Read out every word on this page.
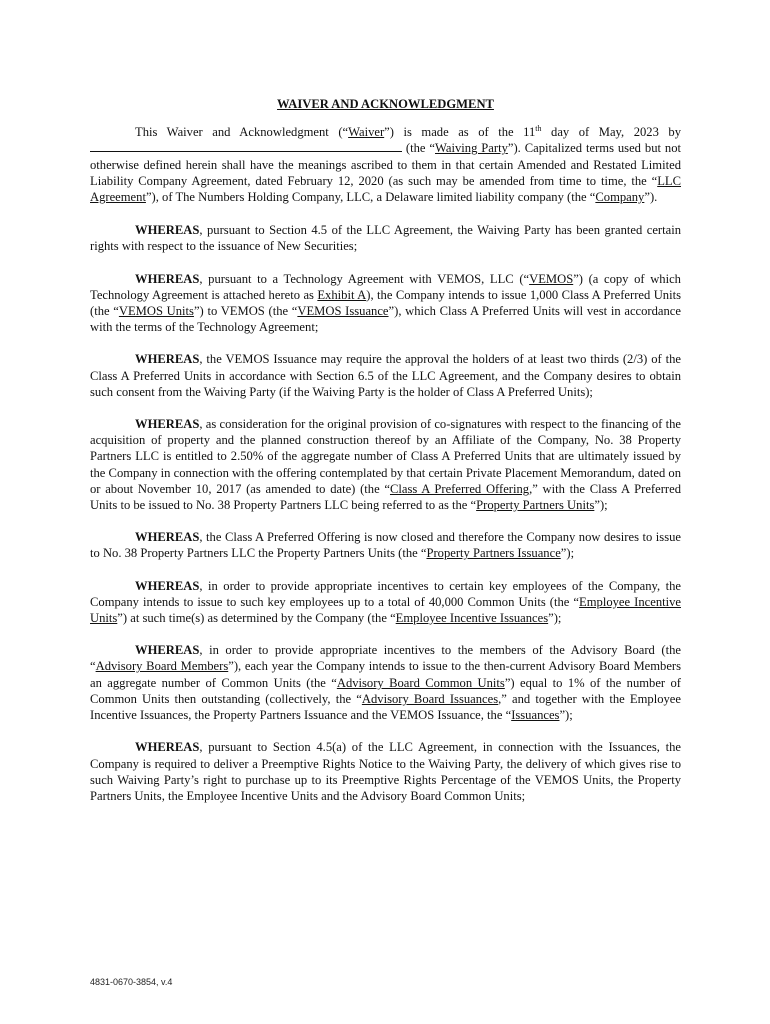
WAIVER AND ACKNOWLEDGMENT

This Waiver and Acknowledgment (“Waiver”) is made as of the 11th day of May, 2023 by  (the “Waiving Party”). Capitalized terms used but not otherwise defined herein shall have the meanings ascribed to them in that certain Amended and Restated Limited Liability Company Agreement, dated February 12, 2020 (as such may be amended from time to time, the “LLC Agreement”), of The Numbers Holding Company, LLC, a Delaware limited liability company (the “Company”).

WHEREAS, pursuant to Section 4.5 of the LLC Agreement, the Waiving Party has been granted certain rights with respect to the issuance of New Securities;

WHEREAS, pursuant to a Technology Agreement with VEMOS, LLC (“VEMOS”) (a copy of which Technology Agreement is attached hereto as Exhibit A), the Company intends to issue 1,000 Class A Preferred Units (the “VEMOS Units”) to VEMOS (the “VEMOS Issuance”), which Class A Preferred Units will vest in accordance with the terms of the Technology Agreement;

WHEREAS, the VEMOS Issuance may require the approval the holders of at least two thirds (2/3) of the Class A Preferred Units in accordance with Section 6.5 of the LLC Agreement, and the Company desires to obtain such consent from the Waiving Party (if the Waiving Party is the holder of Class A Preferred Units);

WHEREAS, as consideration for the original provision of co-signatures with respect to the financing of the acquisition of property and the planned construction thereof by an Affiliate of the Company, No. 38 Property Partners LLC is entitled to 2.50% of the aggregate number of Class A Preferred Units that are ultimately issued by the Company in connection with the offering contemplated by that certain Private Placement Memorandum, dated on or about November 10, 2017 (as amended to date) (the “Class A Preferred Offering,” with the Class A Preferred Units to be issued to No. 38 Property Partners LLC being referred to as the “Property Partners Units”);

WHEREAS, the Class A Preferred Offering is now closed and therefore the Company now desires to issue to No. 38 Property Partners LLC the Property Partners Units (the “Property Partners Issuance”);

WHEREAS, in order to provide appropriate incentives to certain key employees of the Company, the Company intends to issue to such key employees up to a total of 40,000 Common Units (the “Employee Incentive Units”) at such time(s) as determined by the Company (the “Employee Incentive Issuances”);

WHEREAS, in order to provide appropriate incentives to the members of the Advisory Board (the “Advisory Board Members”), each year the Company intends to issue to the then-current Advisory Board Members an aggregate number of Common Units (the “Advisory Board Common Units”) equal to 1% of the number of Common Units then outstanding (collectively, the “Advisory Board Issuances,” and together with the Employee Incentive Issuances, the Property Partners Issuance and the VEMOS Issuance, the “Issuances”);

WHEREAS, pursuant to Section 4.5(a) of the LLC Agreement, in connection with the Issuances, the Company is required to deliver a Preemptive Rights Notice to the Waiving Party, the delivery of which gives rise to such Waiving Party’s right to purchase up to its Preemptive Rights Percentage of the VEMOS Units, the Property Partners Units, the Employee Incentive Units and the Advisory Board Common Units;

4831-0670-3854, v.4
